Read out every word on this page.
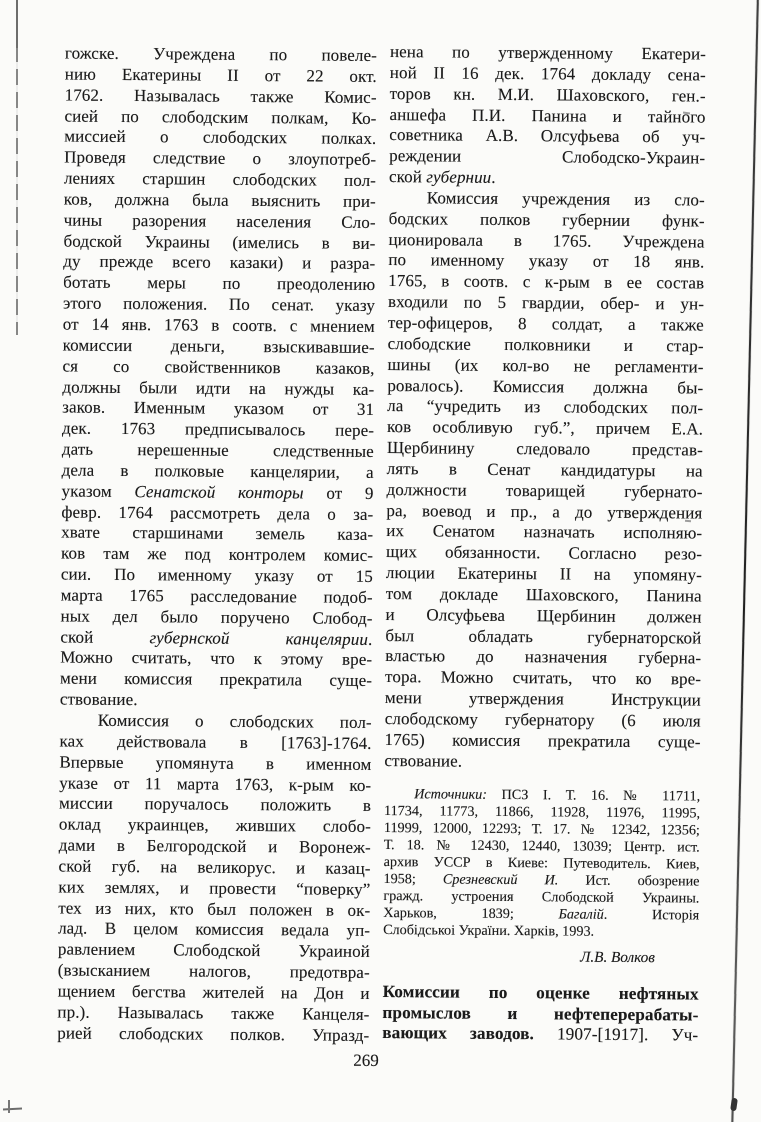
гожске. Учреждена по повеле-
нию Екатерины II от 22 окт.
1762. Называлась также Комис-
сией по слободским полкам, Ко-
миссией о слободских полках.
Проведя следствие о злоупотреб-
лениях старшин слободских пол-
ков, должна была выяснить при-
чины разорения населения Сло-
бодской Украины (имелись в ви-
ду прежде всего казаки) и разра-
ботать меры по преодолению
этого положения. По сенат. указу
от 14 янв. 1763 в соотв. с мнением
комиссии деньги, взыскивавшие-
ся со свойственников казаков,
должны были идти на нужды ка-
заков. Именным указом от 31
дек. 1763 предписывалось пере-
дать нерешенные следственные
дела в полковые канцелярии, а
указом Сенатской конторы от 9
февр. 1764 рассмотреть дела о за-
хвате старшинами земель каза-
ков там же под контролем комис-
сии. По именному указу от 15
марта 1765 расследование подоб-
ных дел было поручено Слобод-
ской губернской канцелярии.
Можно считать, что к этому вре-
мени комиссия прекратила суще-
ствование.
Комиссия о слободских пол-
ках действовала в [1763]-1764.
Впервые упомянута в именном
указе от 11 марта 1763, к-рым ко-
миссии поручалось положить в
оклад украинцев, живших слобо-
дами в Белгородской и Воронеж-
ской губ. на великорус. и казац-
ких землях, и провести “поверку”
тех из них, кто был положен в ок-
лад. В целом комиссия ведала уп-
равлением Слободской Украиной
(взысканием налогов, предотвра-
щением бегства жителей на Дон и
пр.). Называлась также Канцеля-
рией слободских полков. Упразд-
нена по утвержденному Екатери-
ной II 16 дек. 1764 докладу сена-
торов кн. М.И. Шаховского, ген.-
аншефа П.И. Панина и тайного
советника А.В. Олсуфьева об уч-
реждении Слободско-Украин-
ской губернии.
Комиссия учреждения из сло-
бодских полков губернии функ-
ционировала в 1765. Учреждена
по именному указу от 18 янв.
1765, в соотв. с к-рым в ее состав
входили по 5 гвардии, обер- и ун-
тер-офицеров, 8 солдат, а также
слободские полковники и стар-
шины (их кол-во не регламенти-
ровалось). Комиссия должна бы-
ла “учредить из слободских пол-
ков особливую губ.”, причем Е.А.
Щербинину следовало представ-
лять в Сенат кандидатуры на
должности товарищей губернато-
ра, воевод и пр., а до утверждения
их Сенатом назначать исполняю-
щих обязанности. Согласно резо-
люции Екатерины II на упомяну-
том докладе Шаховского, Панина
и Олсуфьева Щербинин должен
был обладать губернаторской
властью до назначения губерна-
тора. Можно считать, что ко вре-
мени утверждения Инструкции
слободскому губернатору (6 июля
1765) комиссия прекратила суще-
ствование.
Источники: ПСЗ I. Т. 16. № 11711,
11734, 11773, 11866, 11928, 11976, 11995,
11999, 12000, 12293; Т. 17. № 12342, 12356;
Т. 18. № 12430, 12440, 13039; Центр. ист.
архив УССР в Киеве: Путеводитель. Киев,
1958; Срезневский И. Ист. обозрение
гражд. устроения Слободской Украины.
Харьков, 1839; Багалій. Исторія
Слобідськоі України. Харків, 1993.
Л.В. Волков
Комиссии по оценке нефтяных
промыслов и нефтеперерабаты-
вающих заводов. 1907-[1917]. Уч-
269
